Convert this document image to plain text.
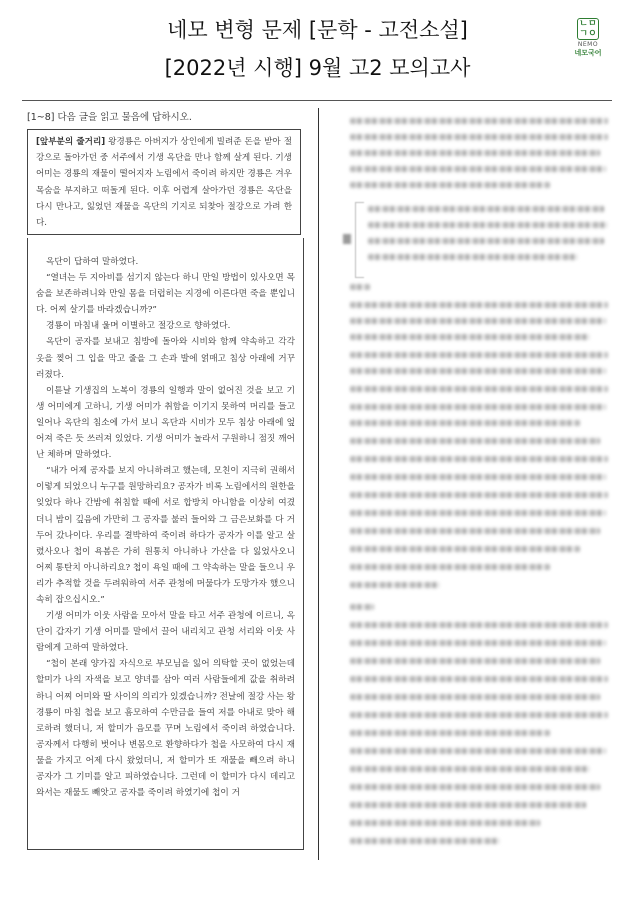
네모 변형 문제 [문학 - 고전소설]
[2022년 시행] 9월 고2 모의고사
ㄴㅁ ㄱㅇ
NEMO
네모국어
[1~8] 다음 글을 읽고 물음에 답하시오.
[앞부분의 줄거리] 왕경룡은 아버지가 상인에게 빌려준 돈을 받아 절강으로 돌아가던 중 서주에서 기생 옥단을 만나 함께 살게 된다. 기생 어미는 경룡의 재물이 떨어지자 노림에서 죽이려 하지만 경룡은 겨우 목숨을 부지하고 떠돌게 된다. 이후 어렵게 살아가던 경룡은 옥단을 다시 만나고, 잃었던 재물을 옥단의 기지로 되찾아 절강으로 가려 한다.

옥단이 답하여 말하였다.

“열녀는 두 지아비를 섬기지 않는다 하니 만일 방법이 있사오면 목숨을 보존하려니와 만일 몸을 더럽히는 지경에 이른다면 죽을 뿐입니다. 어찌 살기를 바라겠습니까?”

경룡이 마침내 울며 이별하고 절강으로 향하였다.

옥단이 공자를 보내고 침방에 돌아와 시비와 함께 약속하고 각각 옷을 찢어 그 입을 막고 줄을 그 손과 발에 얽매고 침상 아래에 거꾸러졌다.

이튿날 기생집의 노복이 경룡의 일행과 말이 없어진 것을 보고 기생 어미에게 고하니, 기생 어미가 취함을 이기지 못하여 머리를 들고 일어나 옥단의 침소에 가서 보니 옥단과 시비가 모두 침상 아래에 엎어져 죽은 듯 쓰러져 있었다. 기생 어미가 놀라서 구원하니 점짓 깨어난 체하며 말하였다.

“내가 어제 공자를 보지 아니하려고 했는데, 모친이 지극히 권해서 이렇게 되었으니 누구를 원망하리요? 공자가 비록 노림에서의 원한을 잊었다 하나 간밤에 취침할 때에 서로 합방치 아니함을 이상히 여겼더니 밤이 깊음에 가만히 그 공자를 불러 들어와 그 금은보화를 다 거두어 갔나이다. 우리를 결박하여 죽이려 하다가 공자가 이를 알고 살렸사오나 첩이 욕봄은 가히 원통치 아니하나 가산을 다 잃었사오니 어찌 통탄치 아니하리요? 첩이 욕일 때에 그 약속하는 말을 들으니 우리가 추적할 것을 두려워하여 서주 관청에 머물다가 도망가자 했으니 속히 잡으십시오.”

기생 어미가 이웃 사람을 모아서 말을 타고 서주 관청에 이르니, 옥단이 갑자기 기생 어미를 말에서 끌어 내리치고 관청 서리와 이웃 사람에게 고하여 말하였다.

“첩이 본래 양가집 자식으로 부모님을 잃어 의탁할 곳이 없었는데 할미가 나의 자색을 보고 양녀를 삼아 여러 사람들에게 값을 취하려 하니 어찌 어미와 딸 사이의 의리가 있겠습니까? 전날에 절강 사는 왕경룡이 마침 첩을 보고 흠모하여 수만금을 들여 저를 아내로 맞아 해로하려 했더니, 저 할미가 음모를 꾸며 노림에서 죽이려 하였습니다. 공자께서 다행히 벗어나 변몸으로 환향하다가 첩을 사모하여 다시 재물을 가지고 어제 다시 왔었더니, 저 할미가 또 재물을 빼으려 하니 공자가 그 기미를 알고 피하였습니다. 그런데 이 할미가 다시 데리고 와서는 재물도 빼앗고 공자를 죽이려 하였기에 첩이 거
